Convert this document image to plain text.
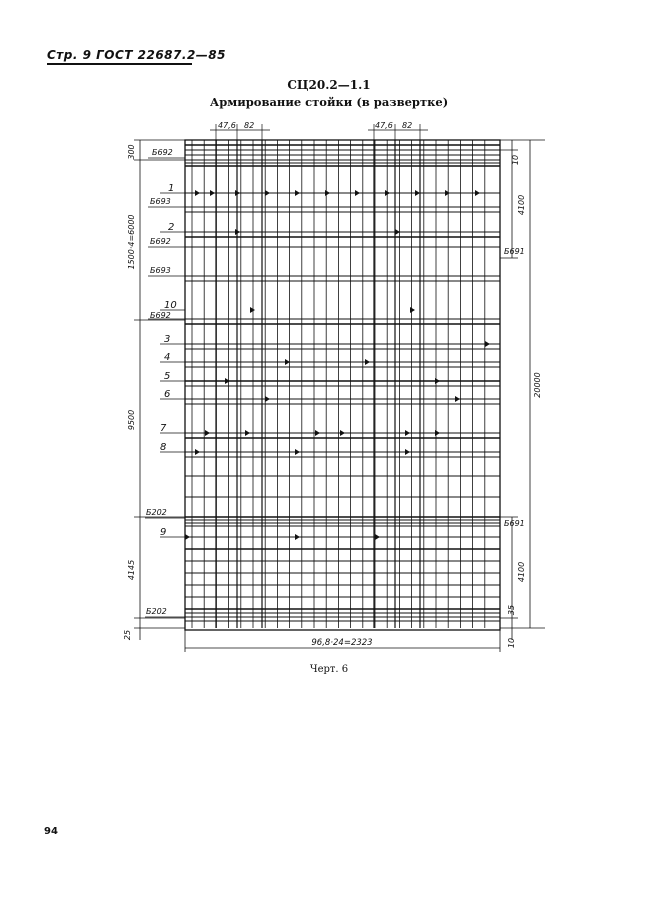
Стр. 9 ГОСТ 22687.2—85
СЦ20.2—1.1
Армирование стойки (в развертке)
300
1500·4=6000
9500
4145
25
10
4100
20000
4100
35
10
Б691
Б691
47,6 82	47,6 82
Б692
Б693
Б692
Б693
Б692
Б202
Б202
1
2
10
3
4
5
6
7
8
9
96,8·24=2323
Черт. 6
94
